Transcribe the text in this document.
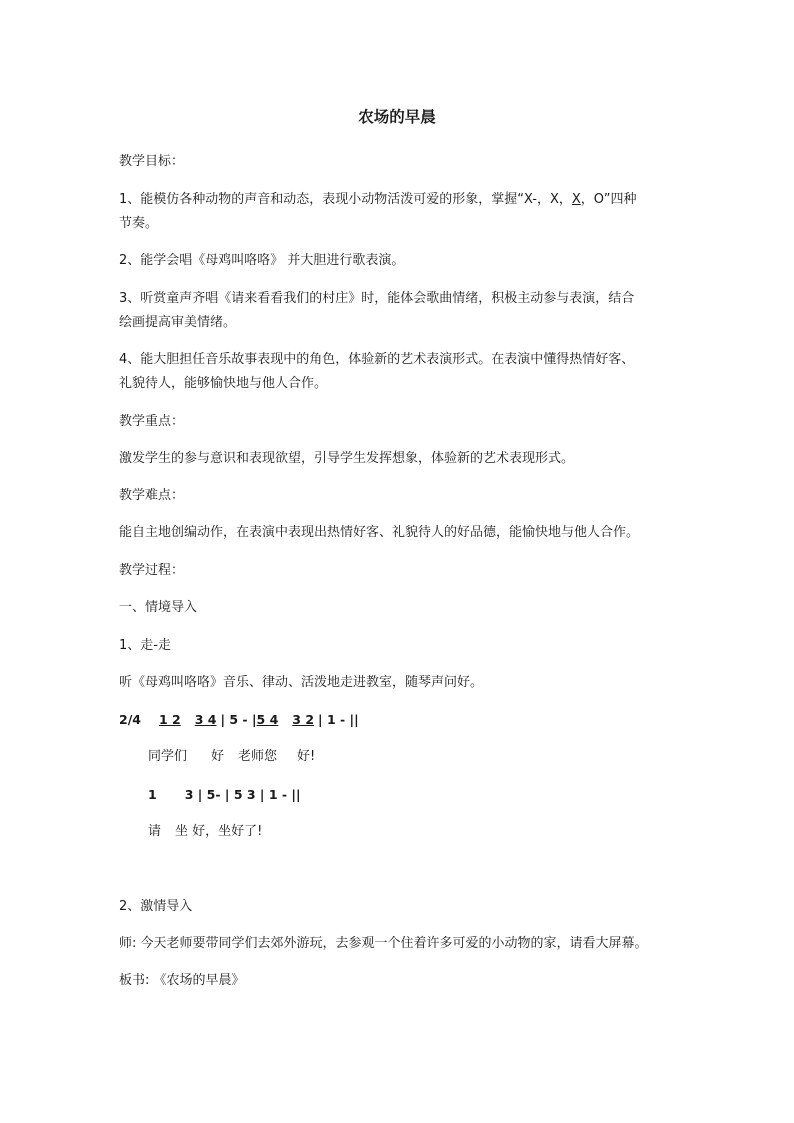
农场的早晨
教学目标：
1、能模仿各种动物的声音和动态，表现小动物活泼可爱的形象，掌握“X-，X，X，O”四种
节奏。
2、能学会唱《母鸡叫咯咯》 并大胆进行歌表演。
3、听赏童声齐唱《请来看看我们的村庄》时，能体会歌曲情绪，积极主动参与表演，结合
绘画提高审美情绪。
4、能大胆担任音乐故事表现中的角色，体验新的艺术表演形式。在表演中懂得热情好客、
礼貌待人，能够愉快地与他人合作。
教学重点：
激发学生的参与意识和表现欲望，引导学生发挥想象，体验新的艺术表现形式。
教学难点：
能自主地创编动作，在表演中表现出热情好客、礼貌待人的好品德，能愉快地与他人合作。
教学过程：
一、情境导入
1、走-走
听《母鸡叫咯咯》音乐、律动、活泼地走进教室，随琴声问好。
2/4 1 2 3 4 | 5 - |5 4 3 2 | 1 - ||
同学们 好 老师您 好!
1 3 | 5- | 5 3 | 1 - ||
请 坐 好，坐好了!
2、激情导入
师: 今天老师要带同学们去郊外游玩，去参观一个住着许多可爱的小动物的家，请看大屏幕。
板书: 《农场的早晨》
